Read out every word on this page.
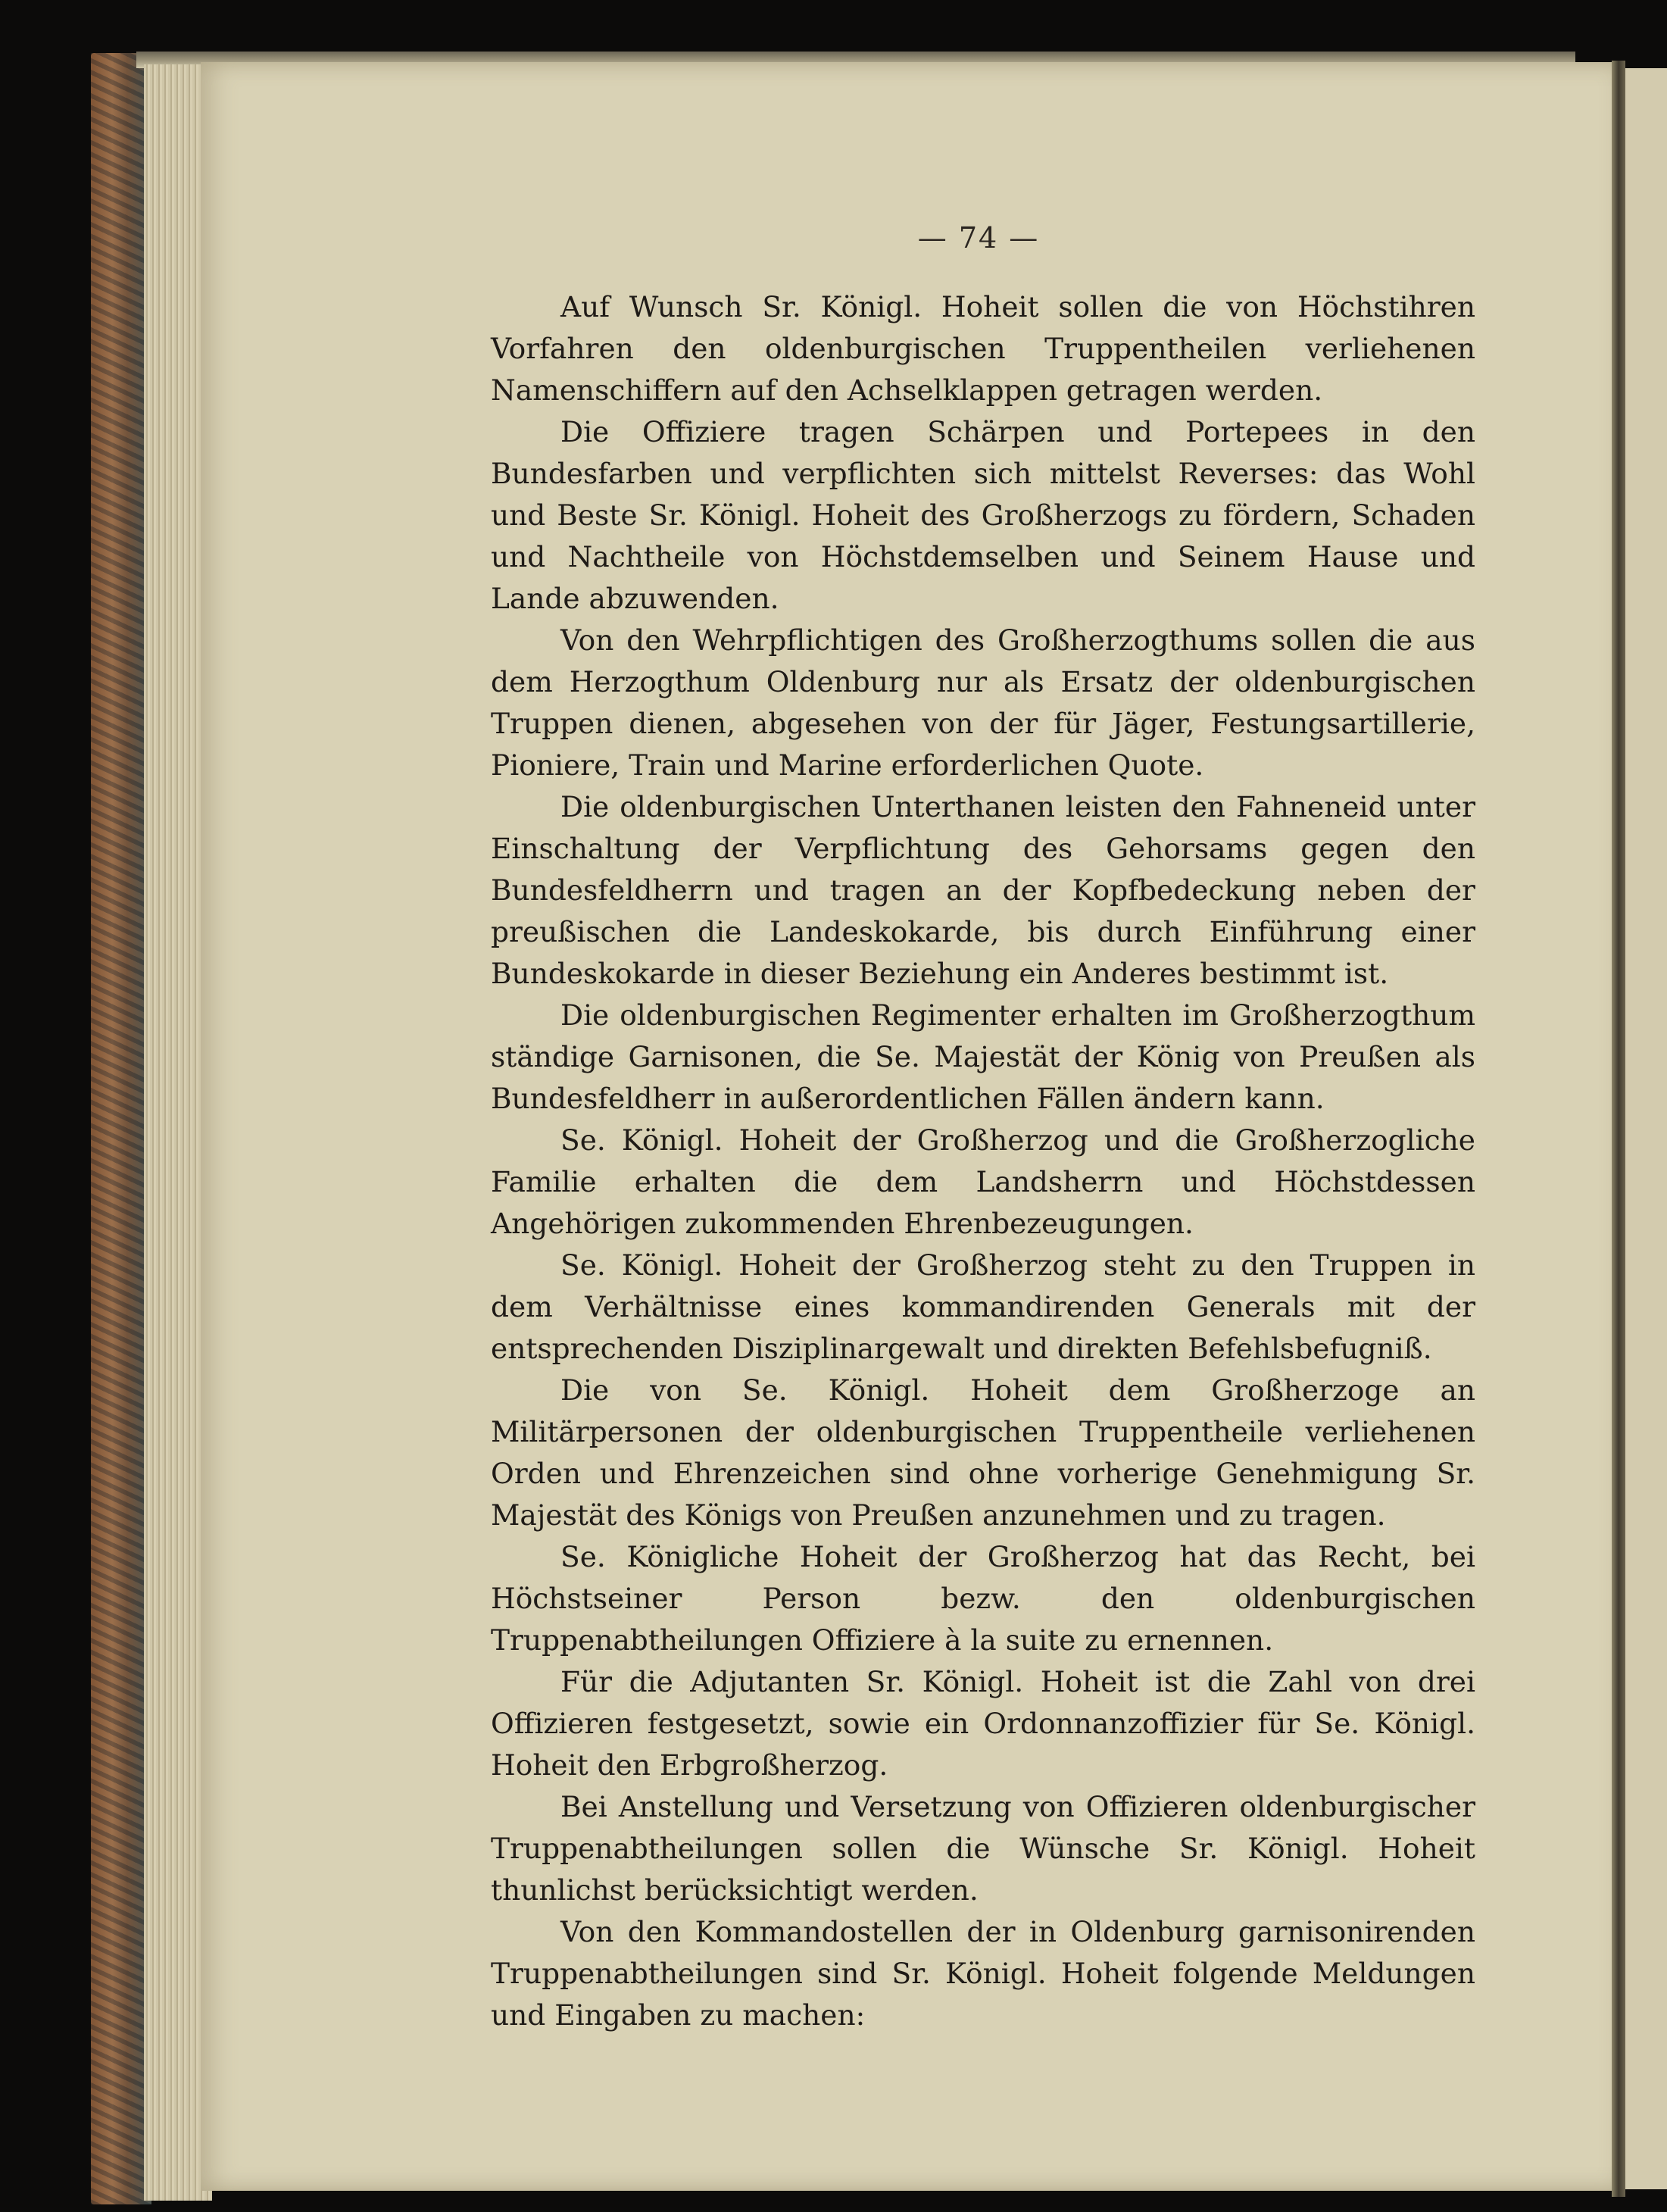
— 74 —

Auf Wunsch Sr. Königl. Hoheit sollen die von Höchstihren Vorfahren den oldenburgischen Truppentheilen verliehenen Namenschiffern auf den Achselklappen getragen werden.

Die Offiziere tragen Schärpen und Portepees in den Bundesfarben und verpflichten sich mittelst Reverses: das Wohl und Beste Sr. Königl. Hoheit des Großherzogs zu fördern, Schaden und Nachtheile von Höchstdemselben und Seinem Hause und Lande abzuwenden.

Von den Wehrpflichtigen des Großherzogthums sollen die aus dem Herzogthum Oldenburg nur als Ersatz der oldenburgischen Truppen dienen, abgesehen von der für Jäger, Festungsartillerie, Pioniere, Train und Marine erforderlichen Quote.

Die oldenburgischen Unterthanen leisten den Fahneneid unter Einschaltung der Verpflichtung des Gehorsams gegen den Bundesfeldherrn und tragen an der Kopfbedeckung neben der preußischen die Landeskokarde, bis durch Einführung einer Bundeskokarde in dieser Beziehung ein Anderes bestimmt ist.

Die oldenburgischen Regimenter erhalten im Großherzogthum ständige Garnisonen, die Se. Majestät der König von Preußen als Bundesfeldherr in außerordentlichen Fällen ändern kann.

Se. Königl. Hoheit der Großherzog und die Großherzogliche Familie erhalten die dem Landsherrn und Höchstdessen Angehörigen zukommenden Ehrenbezeugungen.

Se. Königl. Hoheit der Großherzog steht zu den Truppen in dem Verhältnisse eines kommandirenden Generals mit der entsprechenden Disziplinargewalt und direkten Befehlsbefugniß.

Die von Se. Königl. Hoheit dem Großherzoge an Militärpersonen der oldenburgischen Truppentheile verliehenen Orden und Ehrenzeichen sind ohne vorherige Genehmigung Sr. Majestät des Königs von Preußen anzunehmen und zu tragen.

Se. Königliche Hoheit der Großherzog hat das Recht, bei Höchstseiner Person bezw. den oldenburgischen Truppenabtheilungen Offiziere à la suite zu ernennen.

Für die Adjutanten Sr. Königl. Hoheit ist die Zahl von drei Offizieren festgesetzt, sowie ein Ordonnanzoffizier für Se. Königl. Hoheit den Erbgroßherzog.

Bei Anstellung und Versetzung von Offizieren oldenburgischer Truppenabtheilungen sollen die Wünsche Sr. Königl. Hoheit thunlichst berücksichtigt werden.

Von den Kommandostellen der in Oldenburg garnisonirenden Truppenabtheilungen sind Sr. Königl. Hoheit folgende Meldungen und Eingaben zu machen:
